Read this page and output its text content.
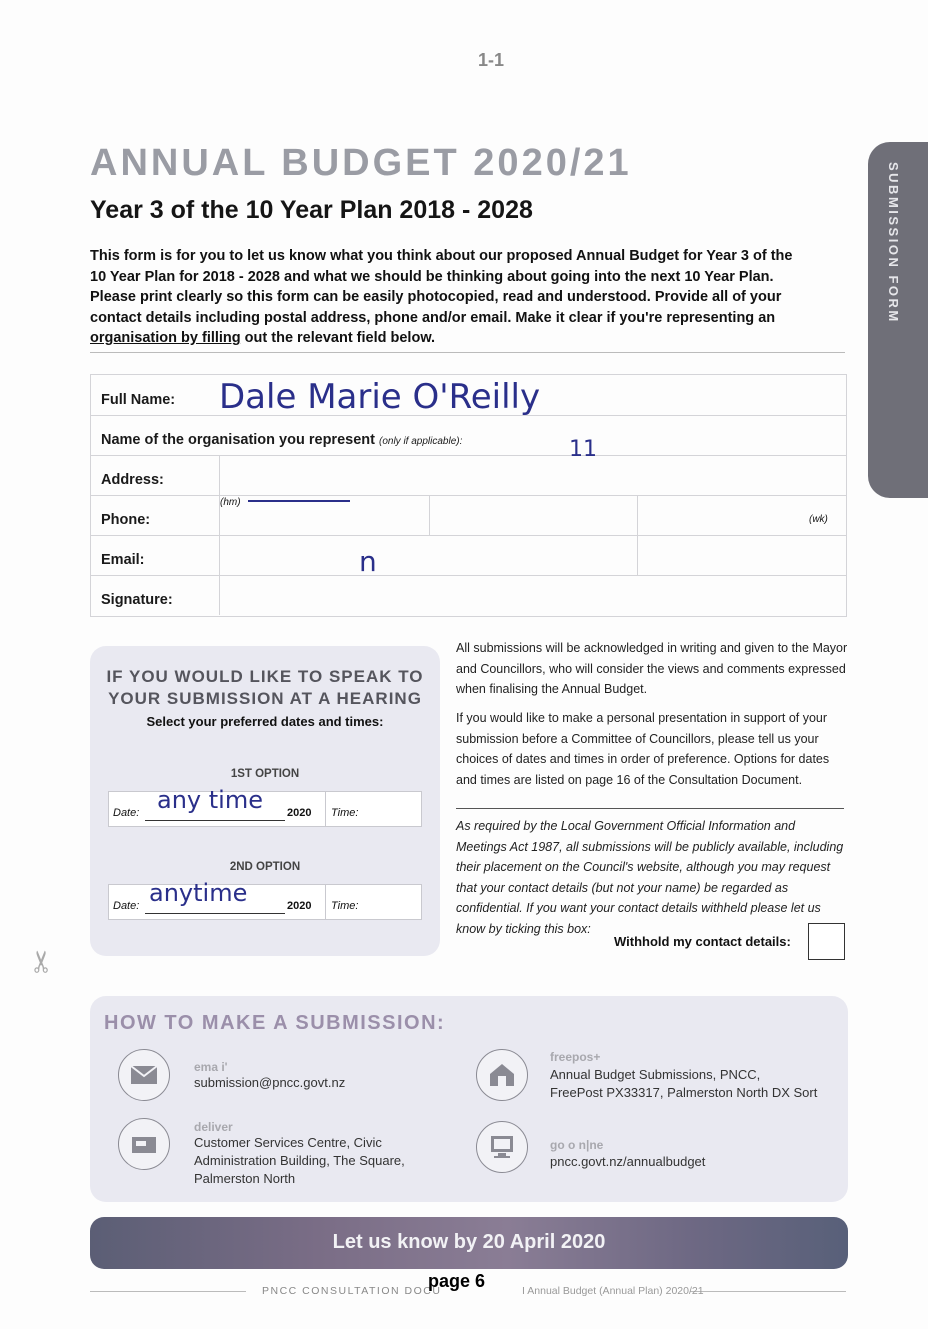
1-1
ANNUAL BUDGET 2020/21
Year 3 of the 10 Year Plan 2018 - 2028
This form is for you to let us know what you think about our proposed Annual Budget for Year 3 of the
10 Year Plan for 2018 - 2028 and what we should be thinking about going into the next 10 Year Plan.
Please print clearly so this form can be easily photocopied, read and understood. Provide all of your
contact details including postal address, phone and/or email. Make it clear if you're representing an
organisation by filling out the relevant field below.
SUBMISSION FORM
Full Name: Dale Marie O'Reilly
Name of the organisation you represent (only if applicable):	11
Address:
Phone:
(hm)
(wk)
Email:	n
Signature:
IF YOU WOULD LIKE TO SPEAK TO
YOUR SUBMISSION AT A HEARING
Select your preferred dates and times:
1ST OPTION
Date: any time 2020 Time:
2ND OPTION
Date: anytime	2020 Time:
All submissions will be acknowledged in writing and given to the Mayor and Councillors, who will consider the views and comments expressed when finalising the Annual Budget.
If you would like to make a personal presentation in support of your submission before a Committee of Councillors, please tell us your choices of dates and times in order of preference. Options for dates and times are listed on page 16 of the Consultation Document.
As required by the Local Government Official Information and Meetings Act 1987, all submissions will be publicly available, including their placement on the Council's website, although you may request that your contact details (but not your name) be regarded as confidential. If you want your contact details withheld please let us know by ticking this box:
Withhold my contact details:
✂
HOW TO MAKE A SUBMISSION:
ema i'
submission@pncc.govt.nz
deliver
Customer Services Centre, Civic
Administration Building, The Square,
Palmerston North
freepos+
Annual Budget Submissions, PNCC,
FreePost PX33317, Palmerston North DX Sort
go o n|ne
pncc.govt.nz/annualbudget
Let us know by 20 April 2020
PNCC CONSULTATION DOCU	I Annual Budget (Annual Plan) 2020/21
page 6
